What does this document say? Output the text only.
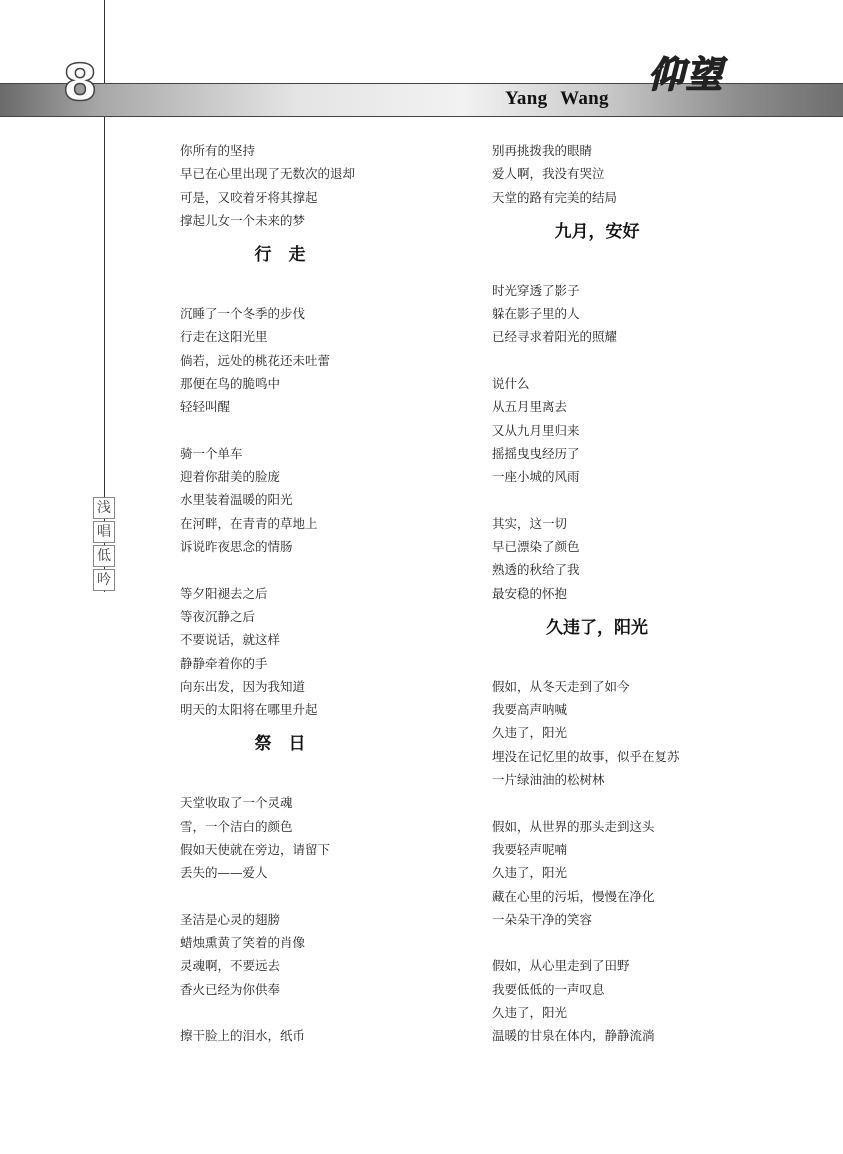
8	Yang Wang
仰望
浅
唱
低
吟
你所有的坚持
早已在心里出现了无数次的退却
可是，又咬着牙将其撑起
撑起儿女一个未来的梦
行　走
沉睡了一个冬季的步伐
行走在这阳光里
倘若，远处的桃花还未吐蕾
那便在鸟的脆鸣中
轻轻叫醒
骑一个单车
迎着你甜美的脸庞
水里装着温暖的阳光
在河畔，在青青的草地上
诉说昨夜思念的情肠
等夕阳褪去之后
等夜沉静之后
不要说话，就这样
静静牵着你的手
向东出发，因为我知道
明天的太阳将在哪里升起
祭　日
天堂收取了一个灵魂
雪，一个洁白的颜色
假如天使就在旁边，请留下
丢失的——爱人
圣洁是心灵的翅膀
蜡烛熏黄了笑着的肖像
灵魂啊，不要远去
香火已经为你供奉
擦干脸上的泪水，纸币
别再挑拨我的眼睛
爱人啊，我没有哭泣
天堂的路有完美的结局
九月，安好
时光穿透了影子
躲在影子里的人
已经寻求着阳光的照耀
说什么
从五月里离去
又从九月里归来
摇摇曳曳经历了
一座小城的风雨
其实，这一切
早已漂染了颜色
熟透的秋给了我
最安稳的怀抱
久违了，阳光
假如，从冬天走到了如今
我要高声呐喊
久违了，阳光
埋没在记忆里的故事，似乎在复苏
一片绿油油的松树林
假如，从世界的那头走到这头
我要轻声呢喃
久违了，阳光
藏在心里的污垢，慢慢在净化
一朵朵干净的笑容
假如，从心里走到了田野
我要低低的一声叹息
久违了，阳光
温暖的甘泉在体内，静静流淌
